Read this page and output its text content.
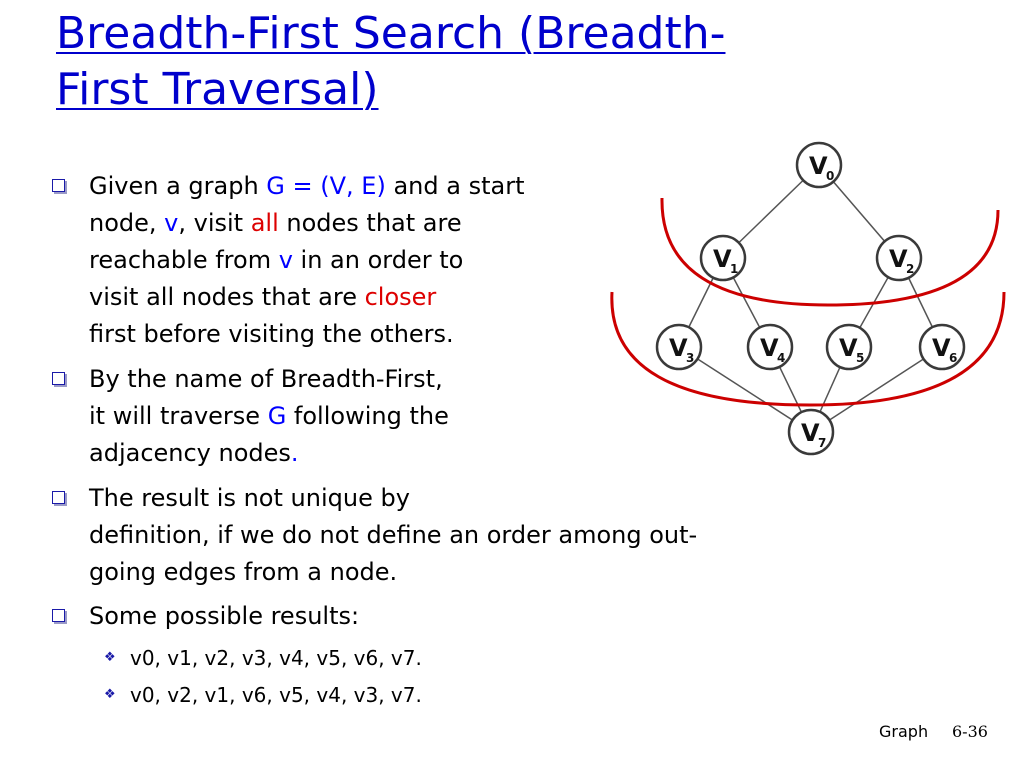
Breadth-First Search (Breadth-
First Traversal)
Given a graph G = (V, E) and a start
node, v, visit all nodes that are
reachable from v in an order to
visit all nodes that are closer
first before visiting the others.
By the name of Breadth-First,
it will traverse G following the
adjacency nodes.
The result is not unique by
definition, if we do not define an order among out-
going edges from a node.
Some possible results:
❖ v0, v1, v2, v3, v4, v5, v6, v7.
❖ v0, v2, v1, v6, v5, v4, v3, v7.
V
0
V
1	V
2
V
3	V
4 V
5	V
6
V
7
Graph 6-36
